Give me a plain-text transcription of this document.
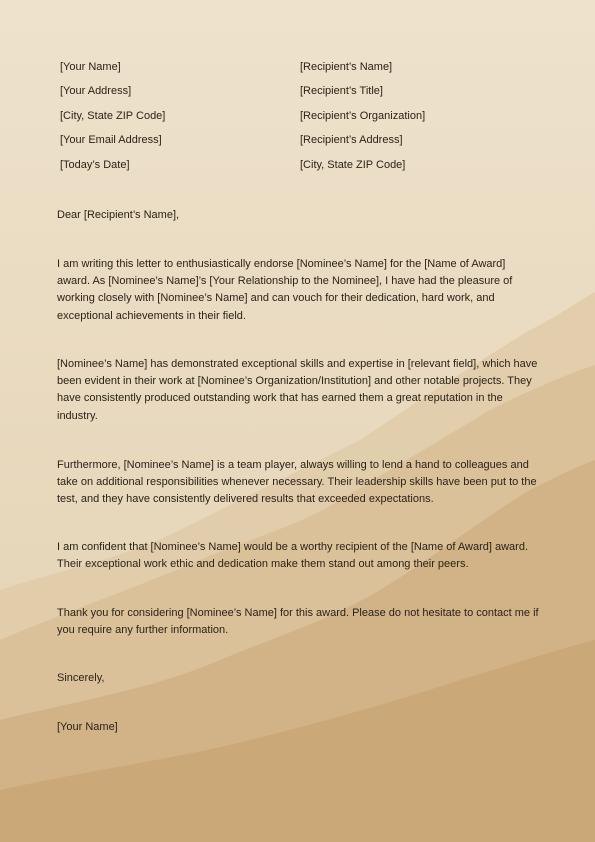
[Your Name]
[Your Address]
[City, State ZIP Code]
[Your Email Address]
[Today’s Date]
[Recipient’s Name]
[Recipient’s Title]
[Recipient’s Organization]
[Recipient’s Address]
[City, State ZIP Code]

Dear [Recipient’s Name],

I am writing this letter to enthusiastically endorse [Nominee’s Name] for the [Name of Award] award. As [Nominee’s Name]’s [Your Relationship to the Nominee], I have had the pleasure of working closely with [Nominee’s Name] and can vouch for their dedication, hard work, and exceptional achievements in their field.

[Nominee’s Name] has demonstrated exceptional skills and expertise in [relevant field], which have been evident in their work at [Nominee’s Organization/Institution] and other notable projects. They have consistently produced outstanding work that has earned them a great reputation in the industry.

Furthermore, [Nominee’s Name] is a team player, always willing to lend a hand to colleagues and take on additional responsibilities whenever necessary. Their leadership skills have been put to the test, and they have consistently delivered results that exceeded expectations.

I am confident that [Nominee’s Name] would be a worthy recipient of the [Name of Award] award. Their exceptional work ethic and dedication make them stand out among their peers.

Thank you for considering [Nominee’s Name] for this award. Please do not hesitate to contact me if you require any further information.

Sincerely,

[Your Name]
